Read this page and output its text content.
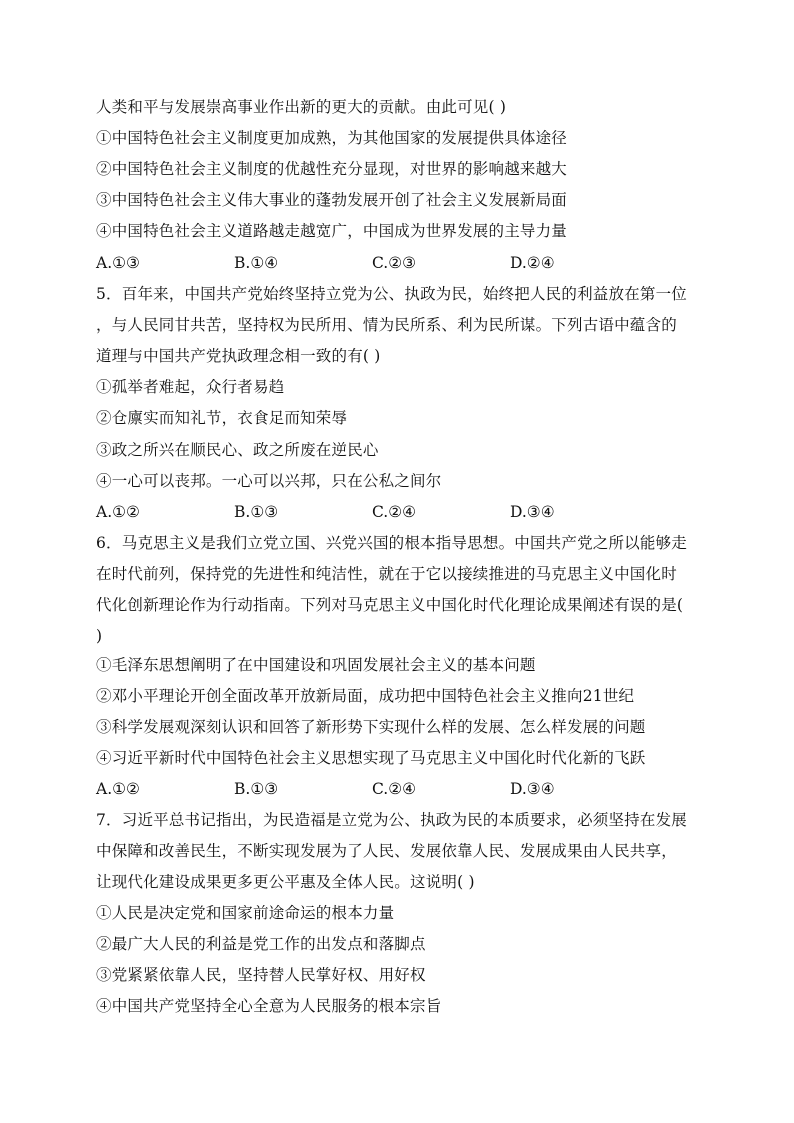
人类和平与发展崇高事业作出新的更大的贡献。由此可见( )
①中国特色社会主义制度更加成熟，为其他国家的发展提供具体途径
②中国特色社会主义制度的优越性充分显现，对世界的影响越来越大
③中国特色社会主义伟大事业的蓬勃发展开创了社会主义发展新局面
④中国特色社会主义道路越走越宽广，中国成为世界发展的主导力量
A.①③	B.①④	C.②③	D.②④
5．百年来，中国共产党始终坚持立党为公、执政为民，始终把人民的利益放在第一位
，与人民同甘共苦，坚持权为民所用、情为民所系、利为民所谋。下列古语中蕴含的
道理与中国共产党执政理念相一致的有( )
①孤举者难起，众行者易趋
②仓廪实而知礼节，衣食足而知荣辱
③政之所兴在顺民心、政之所废在逆民心
④一心可以丧邦。一心可以兴邦，只在公私之间尔
A.①②	B.①③	C.②④	D.③④
6．马克思主义是我们立党立国、兴党兴国的根本指导思想。中国共产党之所以能够走
在时代前列，保持党的先进性和纯洁性，就在于它以接续推进的马克思主义中国化时
代化创新理论作为行动指南。下列对马克思主义中国化时代化理论成果阐述有误的是(
)
①毛泽东思想阐明了在中国建设和巩固发展社会主义的基本问题
②邓小平理论开创全面改革开放新局面，成功把中国特色社会主义推向21世纪
③科学发展观深刻认识和回答了新形势下实现什么样的发展、怎么样发展的问题
④习近平新时代中国特色社会主义思想实现了马克思主义中国化时代化新的飞跃
A.①②	B.①③	C.②④	D.③④
7．习近平总书记指出，为民造福是立党为公、执政为民的本质要求，必须坚持在发展
中保障和改善民生，不断实现发展为了人民、发展依靠人民、发展成果由人民共享，
让现代化建设成果更多更公平惠及全体人民。这说明( )
①人民是决定党和国家前途命运的根本力量
②最广大人民的利益是党工作的出发点和落脚点
③党紧紧依靠人民，坚持替人民掌好权、用好权
④中国共产党坚持全心全意为人民服务的根本宗旨
